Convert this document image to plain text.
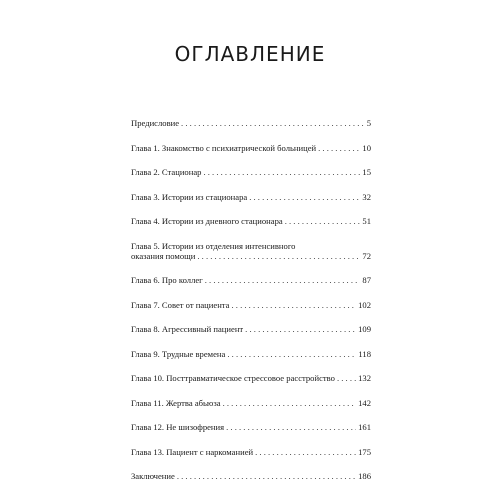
ОГЛАВЛЕНИЕ
Предисловие . . .	5
Глава 1. Знакомство с психиатрической больницей . . .	10
Глава 2. Стационар . . .	15
Глава 3. Истории из стационара . . .	32
Глава 4. Истории из дневного стационара . . .	51
Глава 5. Истории из отделения интенсивного
оказания помощи . . .	72
Глава 6. Про коллег . . .	87
Глава 7. Совет от пациента . . .	102
Глава 8. Агрессивный пациент . . .	109
Глава 9. Трудные времена . . .	118
Глава 10. Посттравматическое стрессовое расстройство . . .	132
Глава 11. Жертва абьюза . . .	142
Глава 12. Не шизофрения . . .	161
Глава 13. Пациент с наркоманией . . .	175
Заключение . . .	186
